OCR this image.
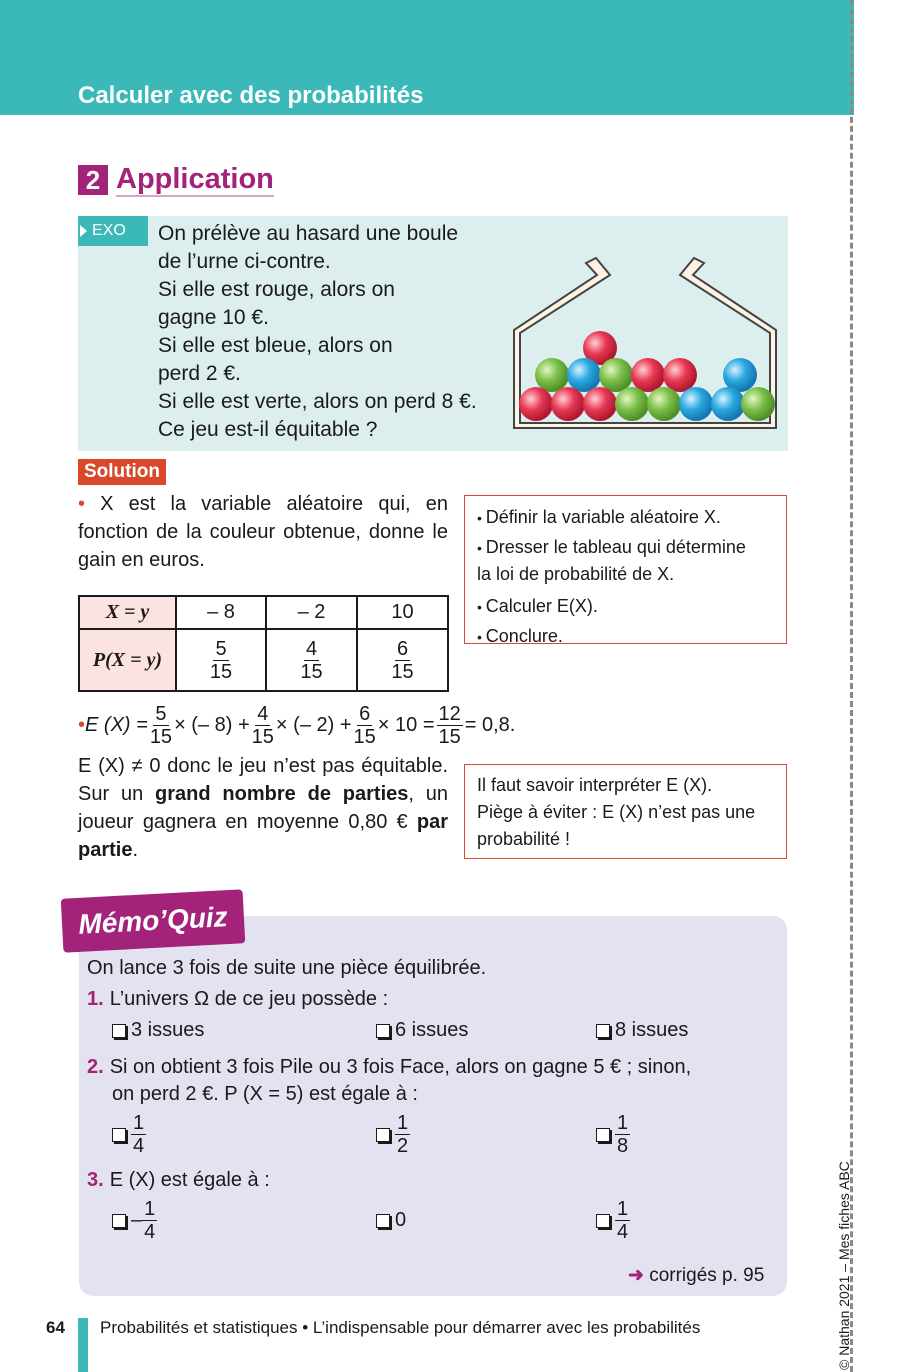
Calculer avec des probabilités
2 Application
EXO	On prélève au hasard une boule
de l’urne ci-contre.
Si elle est rouge, alors on
gagne 10 €.
Si elle est bleue, alors on
perd 2 €.
Si elle est verte, alors on perd 8 €.
Ce jeu est-il équitable ?
Solution
• X est la variable aléatoire qui, en fonction de la couleur obtenue, donne le gain en euros.
• Définir la variable aléatoire X.
• Dresser le tableau qui détermine
la loi de probabilité de X.
• Calculer E(X).
• Conclure.
X = y	– 8	– 2	10
P(X = y)	$\frac{5}{15}$	$\frac{4}{15}$	$\frac{6}{15}$
• E $(X) = \frac{5}{15}$ × (– $8) + \frac{4}{15}$ × (– $2) + \frac{6}{15} \times 10 = \frac{12}{15} = 0,8$.
E (X) ≠ 0 donc le jeu n’est pas équitable. Sur un grand nombre de parties, un joueur gagnera en moyenne 0,80 € par partie.
Il faut savoir interpréter E (X).
Piège à éviter : E (X) n’est pas une
probabilité !
Mémo’Quiz
On lance 3 fois de suite une pièce équilibrée.
1. L’univers Ω de ce jeu possède :
3 issues	6 issues	8 issues
2. Si on obtient 3 fois Pile ou 3 fois Face, alors on gagne 5 € ; sinon,
on perd 2 €. P (X = 5) est égale à :
$\frac{1}{4}$	$\frac{1}{2}$	$\frac{1}{8}$
3. E (X) est égale à :
– $\frac{1}{4}$	0	$\frac{1}{4}$
➜ corrigés p. 95
64 Probabilités et statistiques • L’indispensable pour démarrer avec les probabilités	© Nathan 2021 – Mes fiches ABC
